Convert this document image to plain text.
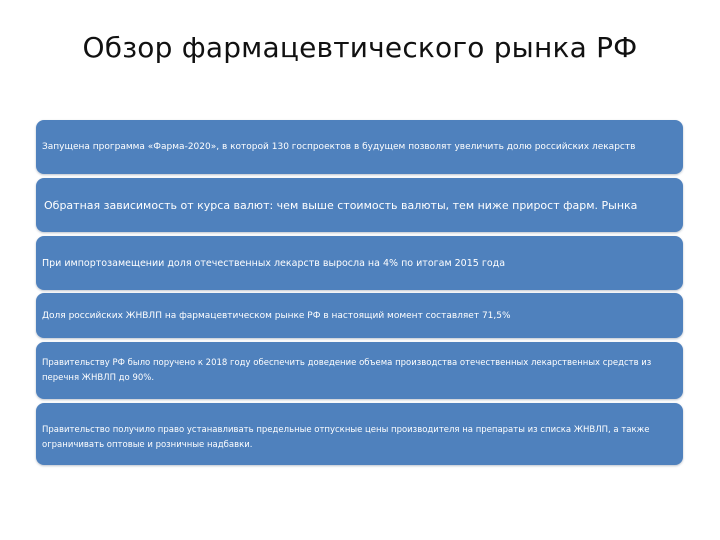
Обзор фармацевтического рынка РФ
Запущена программа «Фарма-2020», в которой 130 госпроектов в будущем позволят увеличить долю российских лекарств
Обратная зависимость от курса валют: чем выше стоимость валюты, тем ниже прирост фарм. Рынка
При импортозамещении доля отечественных лекарств выросла на 4% по итогам 2015 года
Доля российских ЖНВЛП на фармацевтическом рынке РФ в настоящий момент составляет 71,5%
Правительству РФ было поручено к 2018 году обеспечить доведение объема производства отечественных лекарственных средств из перечня ЖНВЛП до 90%.
Правительство получило право устанавливать предельные отпускные цены производителя на препараты из списка ЖНВЛП, а также ограничивать оптовые и розничные надбавки.
